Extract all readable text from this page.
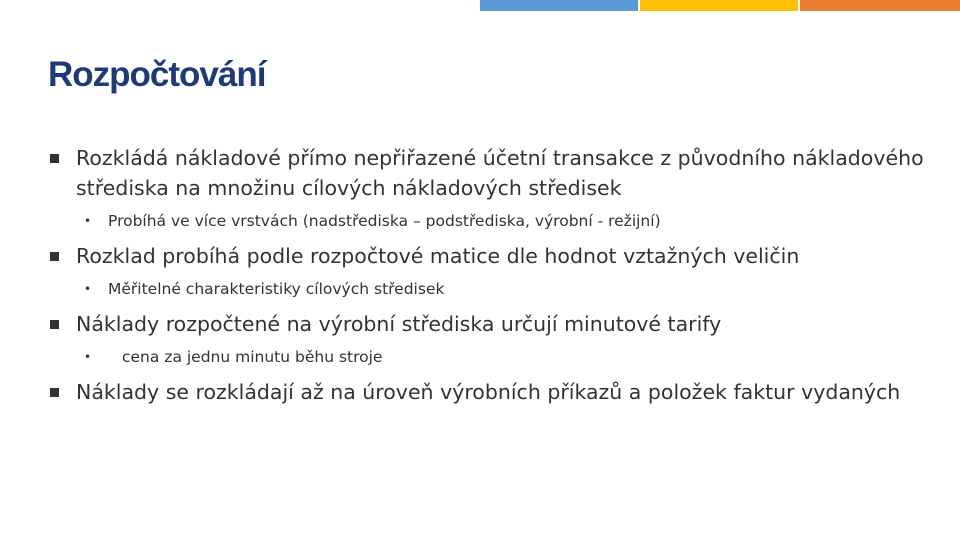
Rozpočtování
Rozkládá nákladové přímo nepřiřazené účetní transakce z původního nákladového střediska na množinu cílových nákladových středisek
• Probíhá ve více vrstvách (nadstřediska – podstřediska, výrobní - režijní)
Rozklad probíhá podle rozpočtové matice dle hodnot vztažných veličin
• Měřitelné charakteristiky cílových středisek
Náklady rozpočtené na výrobní střediska určují minutové tarify
• cena za jednu minutu běhu stroje
Náklady se rozkládají až na úroveň výrobních příkazů a položek faktur vydaných
